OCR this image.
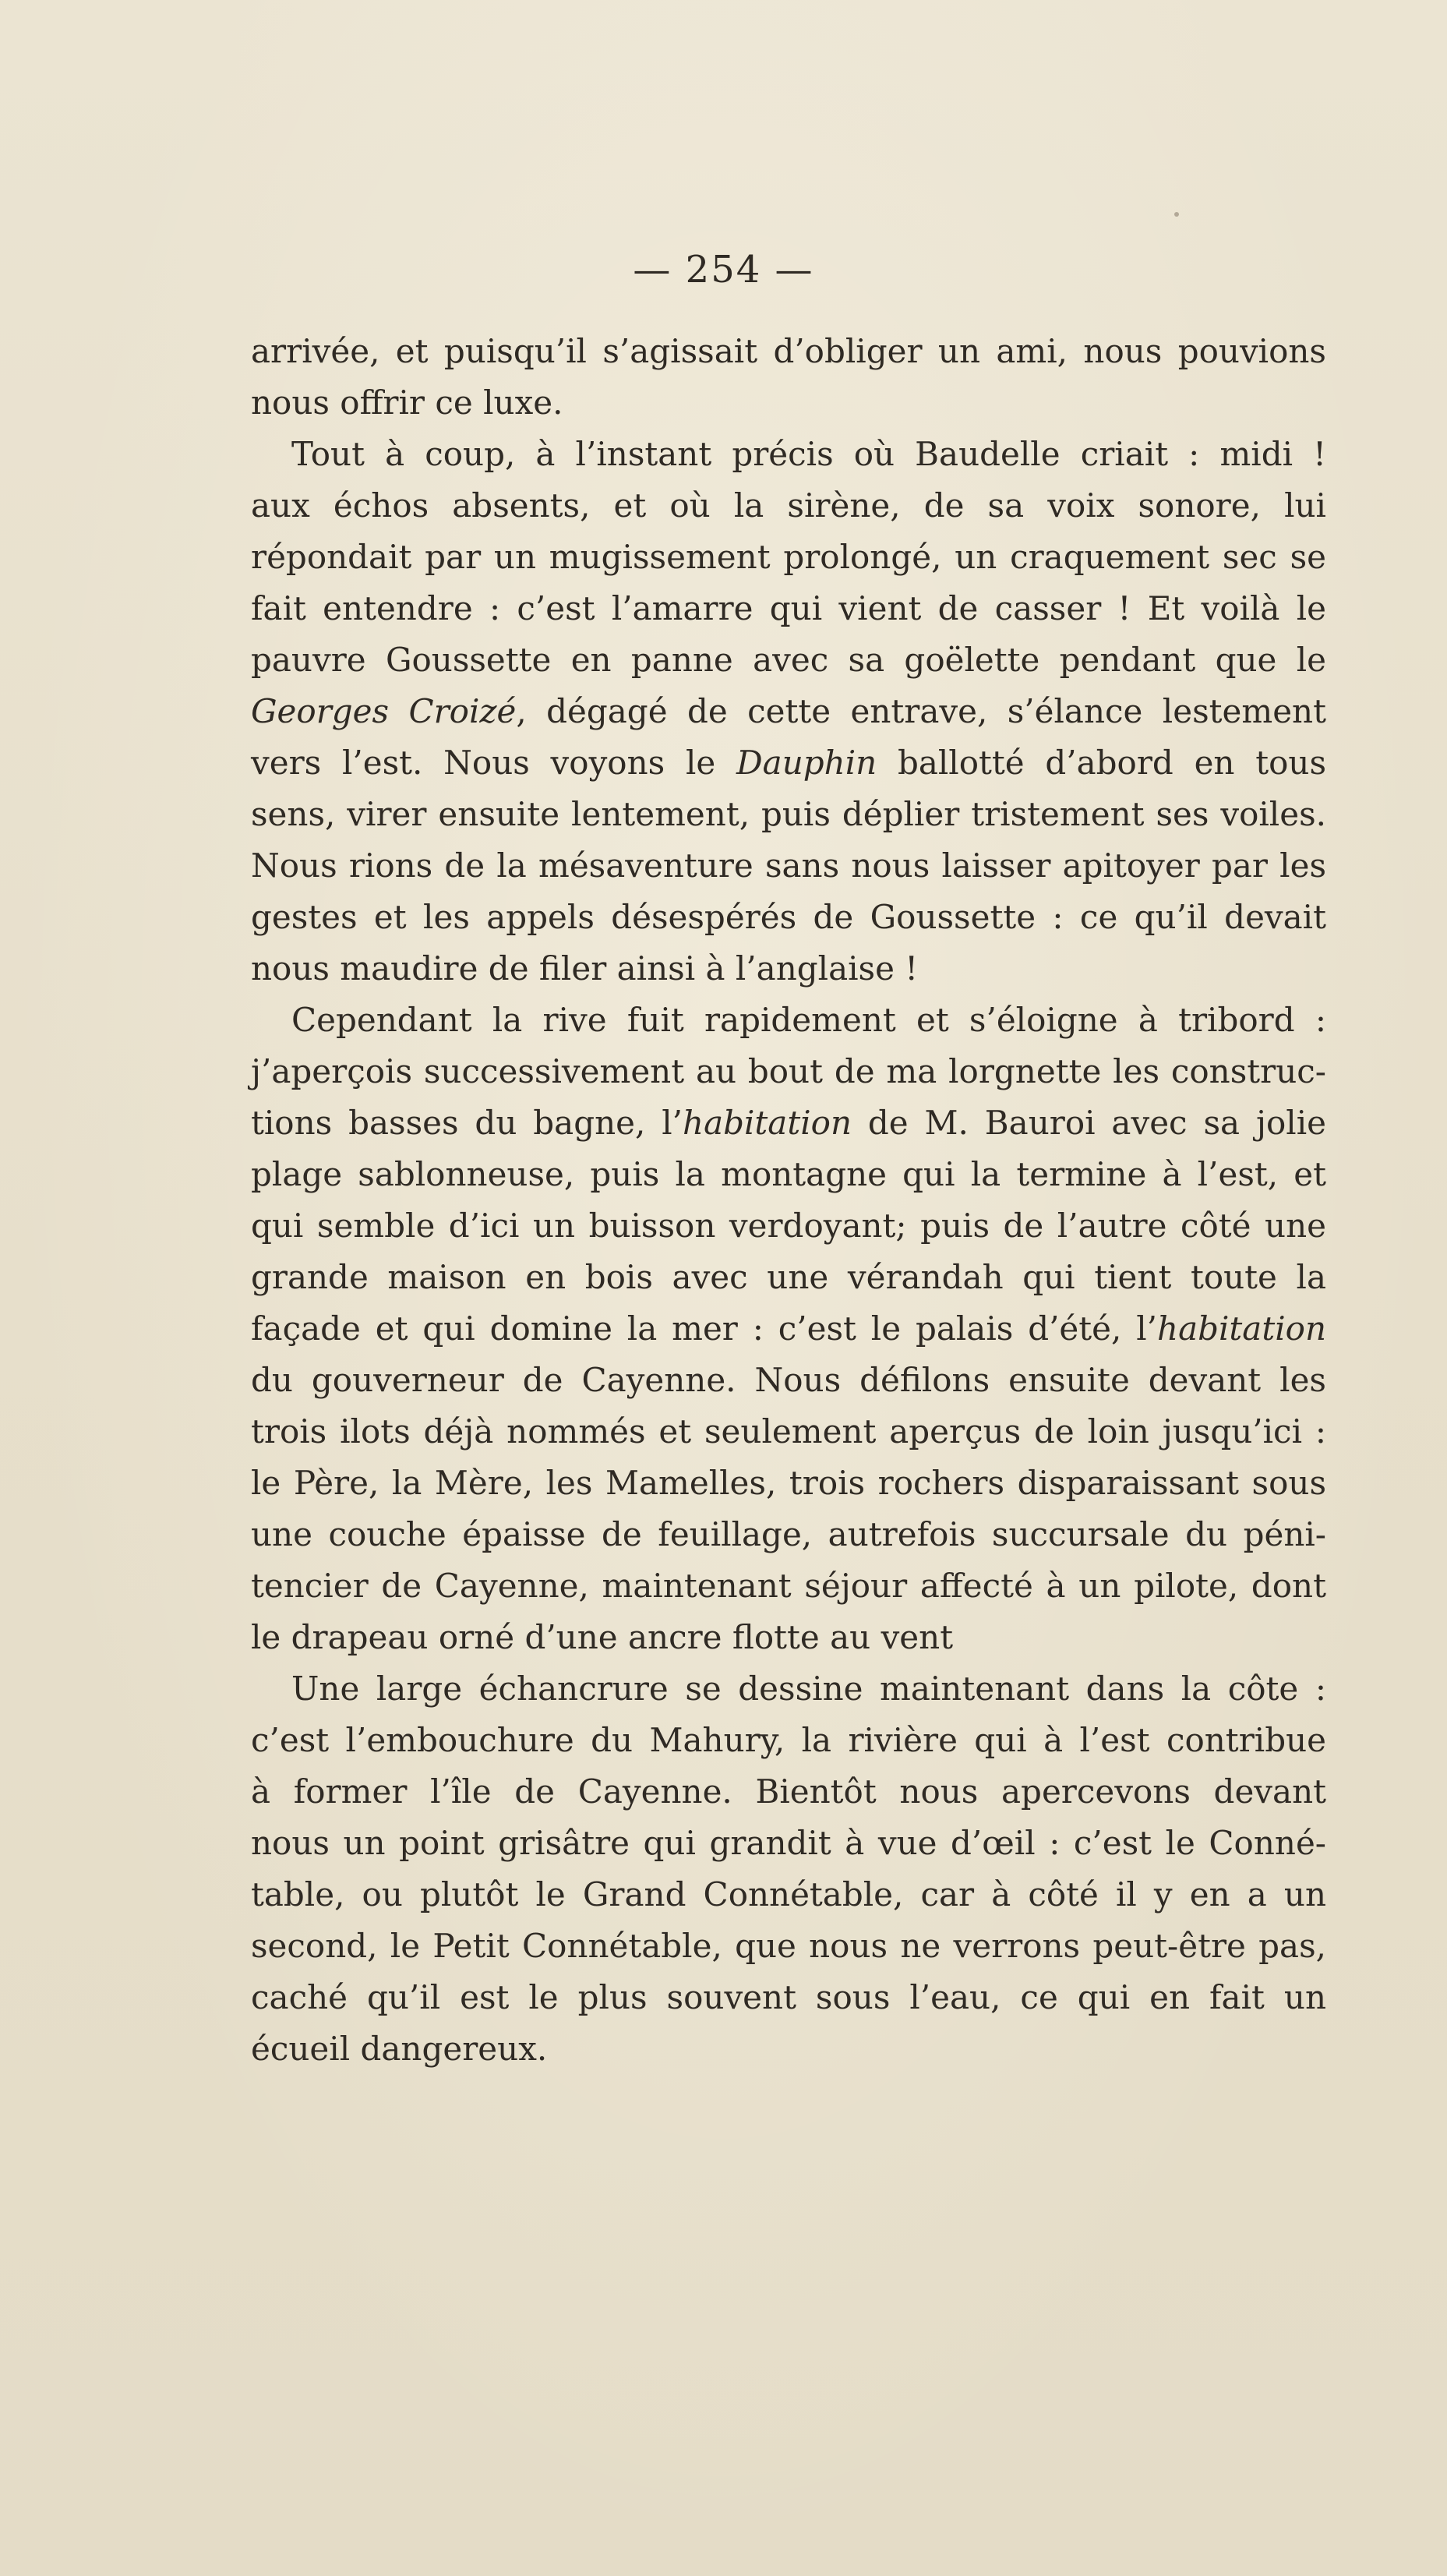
— 254 —
arrivée, et puisqu’il s’agissait d’obliger un ami, nous pouvions
nous offrir ce luxe.
Tout à coup, à l’instant précis où Baudelle criait : midi !
aux échos absents, et où la sirène, de sa voix sonore, lui
répondait par un mugissement prolongé, un craquement sec se
fait entendre : c’est l’amarre qui vient de casser ! Et voilà le
pauvre Goussette en panne avec sa goëlette pendant que le
Georges Croizé, dégagé de cette entrave, s’élance lestement
vers l’est. Nous voyons le Dauphin ballotté d’abord en tous
sens, virer ensuite lentement, puis déplier tristement ses voiles.
Nous rions de la mésaventure sans nous laisser apitoyer par les
gestes et les appels désespérés de Goussette : ce qu’il devait
nous maudire de filer ainsi à l’anglaise !
Cependant la rive fuit rapidement et s’éloigne à tribord :
j’aperçois successivement au bout de ma lorgnette les construc-
tions basses du bagne, l’habitation de M. Bauroi avec sa jolie
plage sablonneuse, puis la montagne qui la termine à l’est, et
qui semble d’ici un buisson verdoyant; puis de l’autre côté une
grande maison en bois avec une vérandah qui tient toute la
façade et qui domine la mer : c’est le palais d’été, l’habitation
du gouverneur de Cayenne. Nous défilons ensuite devant les
trois ilots déjà nommés et seulement aperçus de loin jusqu’ici :
le Père, la Mère, les Mamelles, trois rochers disparaissant sous
une couche épaisse de feuillage, autrefois succursale du péni-
tencier de Cayenne, maintenant séjour affecté à un pilote, dont
le drapeau orné d’une ancre flotte au vent
Une large échancrure se dessine maintenant dans la côte :
c’est l’embouchure du Mahury, la rivière qui à l’est contribue
à former l’île de Cayenne. Bientôt nous apercevons devant
nous un point grisâtre qui grandit à vue d’œil : c’est le Conné-
table, ou plutôt le Grand Connétable, car à côté il y en a un
second, le Petit Connétable, que nous ne verrons peut-être pas,
caché qu’il est le plus souvent sous l’eau, ce qui en fait un
écueil dangereux.
